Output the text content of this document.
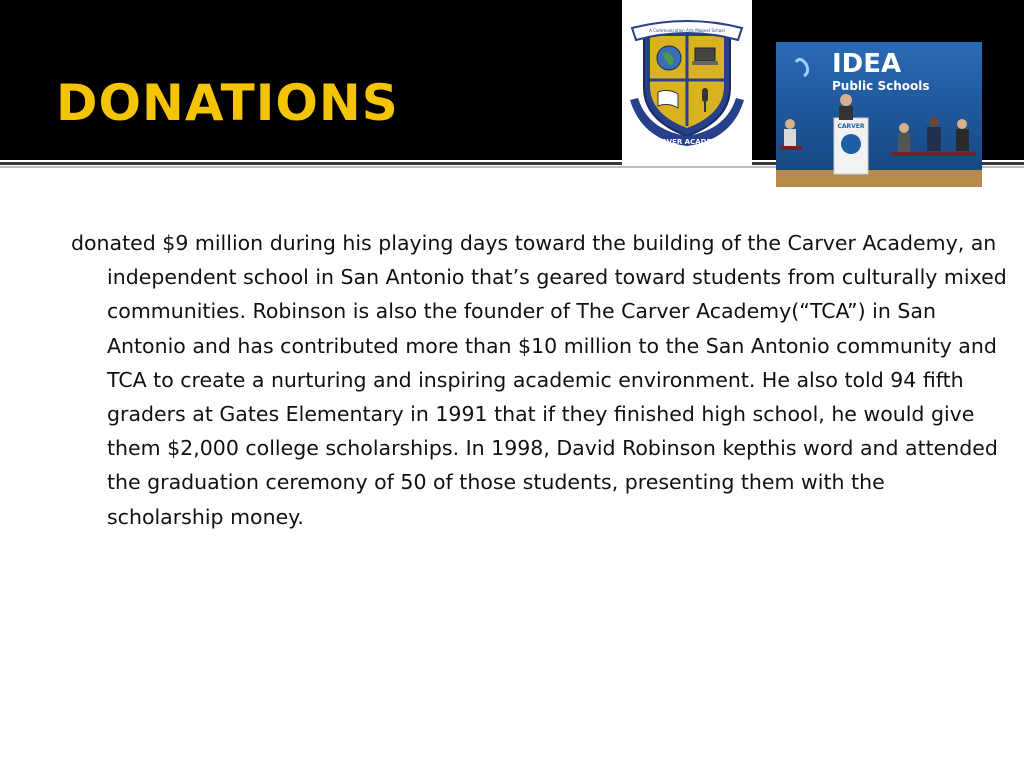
DONATIONS
A Communication Arts Magnet School
CARVER ACADEMY
IDEA
Public Schools
CARVER

donated $9 million during his playing days toward the building of the Carver Academy, an independent school in San Antonio that’s geared toward students from culturally mixed communities. Robinson is also the founder of The Carver Academy(“TCA”) in San Antonio and has contributed more than $10 million to the San Antonio community and TCA to create a nurturing and inspiring academic environment. He also told 94 fifth graders at Gates Elementary in 1991 that if they finished high school, he would give them $2,000 college scholarships. In 1998, David Robinson kepthis word and attended the graduation ceremony of 50 of those students, presenting them with the scholarship money.
